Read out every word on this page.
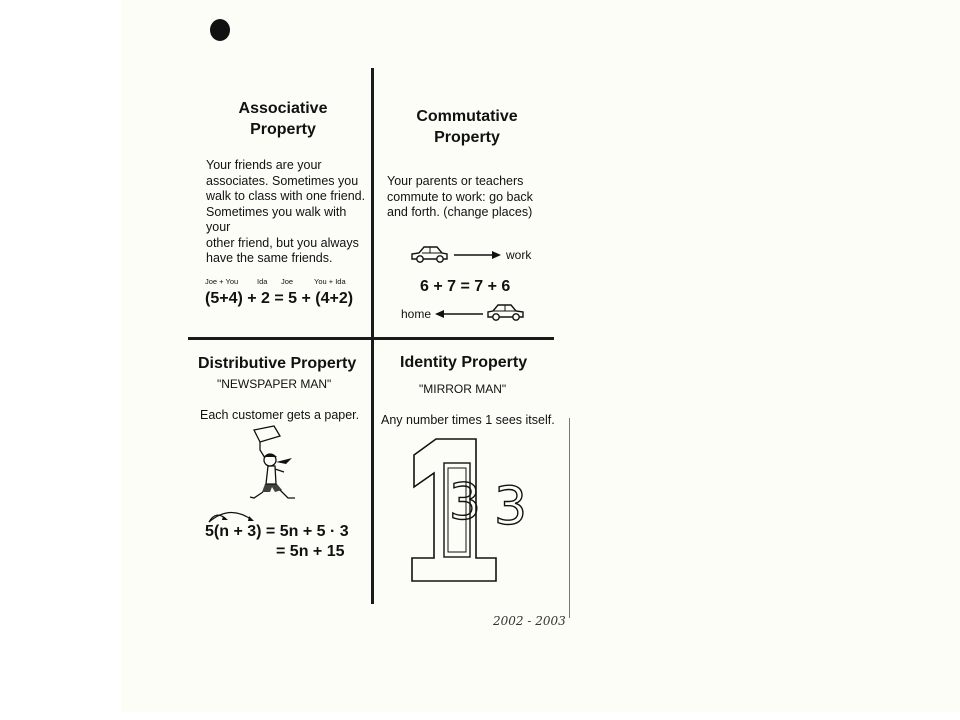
Associative
Property
Your friends are your
associates. Sometimes you
walk to class with one friend.
Sometimes you walk with your
other friend, but you always
have the same friends.
Joe + You	Ida Joe	You + Ida
(5+4) + 2 = 5 + (4+2)
Commutative
Property
Your parents or teachers
commute to work: go back
and forth. (change places)
work
6 + 7 = 7 + 6
home
Distributive Property
"NEWSPAPER MAN"
Each customer gets a paper.
5(n + 3) = 5n + 5 · 3
= 5n + 15
Identity Property
"MIRROR MAN"
Any number times 1 sees itself.
3 3
2002 - 2003
